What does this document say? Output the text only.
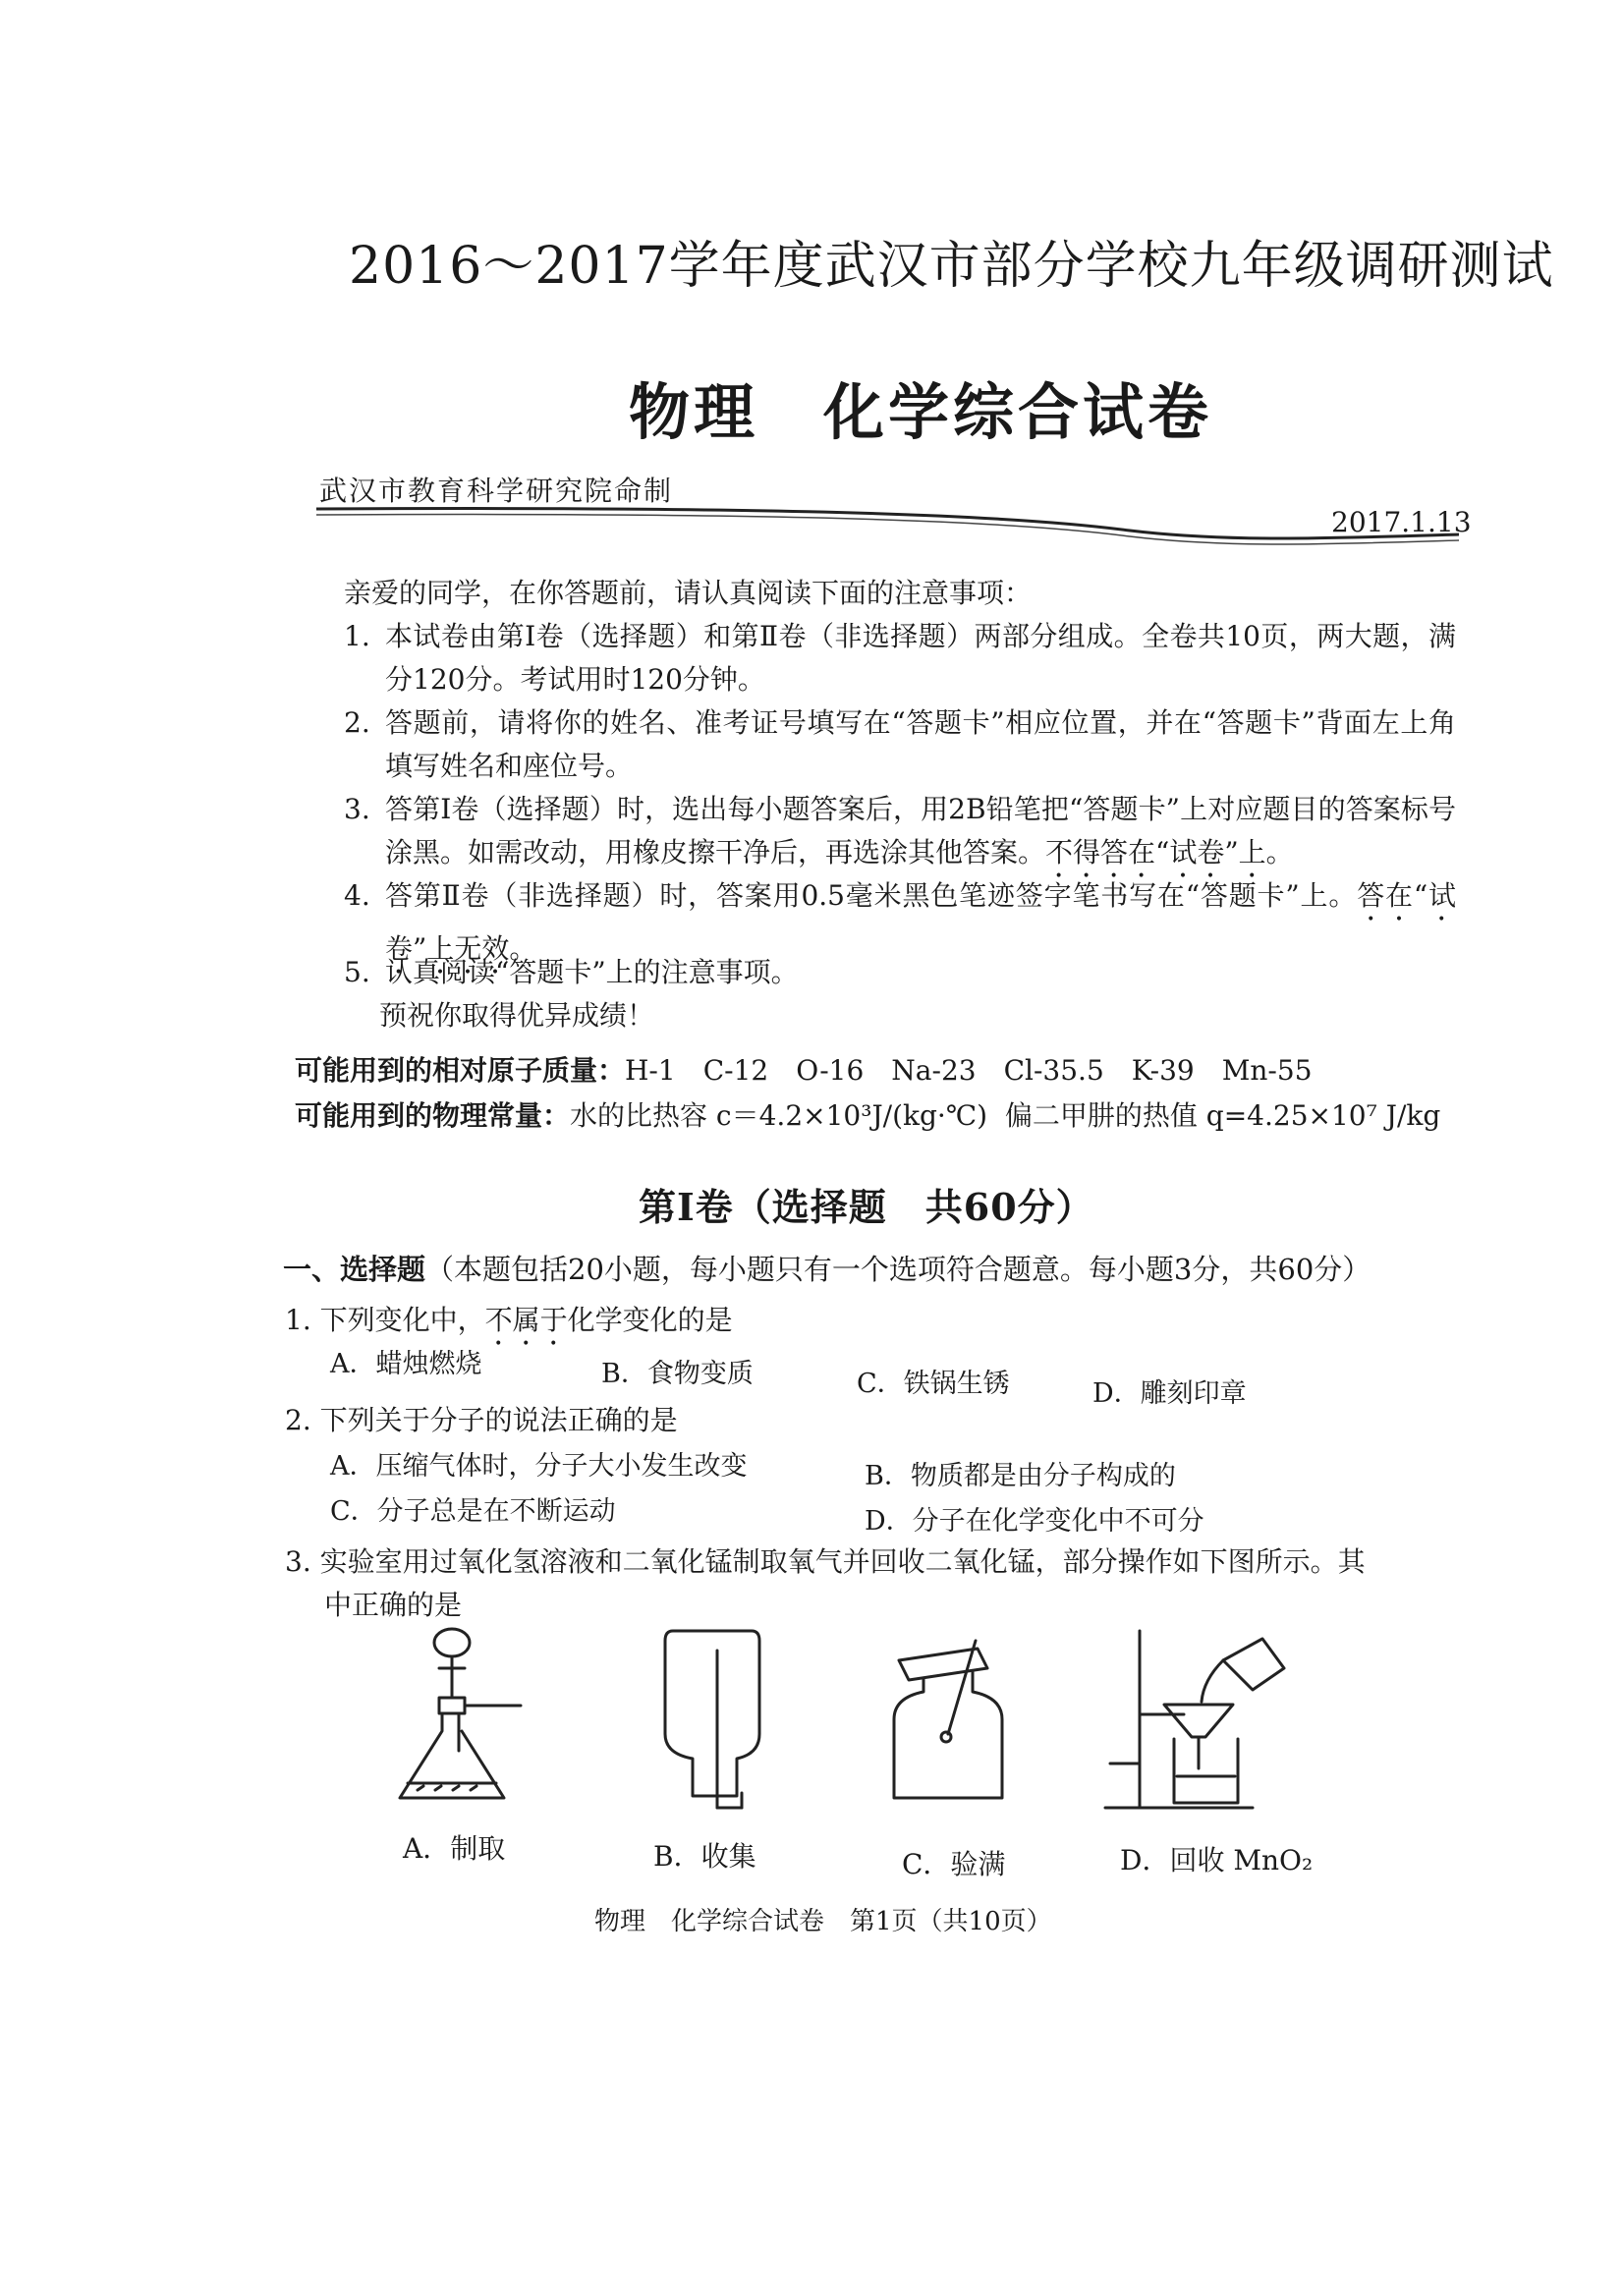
2016～2017学年度武汉市部分学校九年级调研测试
物理　化学综合试卷
武汉市教育科学研究院命制
2017.1.13
亲爱的同学，在你答题前，请认真阅读下面的注意事项：
1. 本试卷由第Ⅰ卷（选择题）和第Ⅱ卷（非选择题）两部分组成。全卷共10页，两大题，满分120分。考试用时120分钟。
2. 答题前，请将你的姓名、准考证号填写在“答题卡”相应位置，并在“答题卡”背面左上角填写姓名和座位号。
3. 答第Ⅰ卷（选择题）时，选出每小题答案后，用2B铅笔把“答题卡”上对应题目的答案标号涂黑。如需改动，用橡皮擦干净后，再选涂其他答案。不得答在“试卷”上。
4. 答第Ⅱ卷（非选择题）时，答案用0.5毫米黑色笔迹签字笔书写在“答题卡”上。答在“试卷”上无效。
5. 认真阅读“答题卡”上的注意事项。
预祝你取得优异成绩！
可能用到的相对原子质量：H-1　C-12　O-16　Na-23　Cl-35.5　K-39　Mn-55
可能用到的物理常量：水的比热容 c＝4.2×10³J/(kg·℃) 偏二甲肼的热值 q=4.25×10⁷ J/kg
第Ⅰ卷（选择题　共60分）
一、选择题（本题包括20小题，每小题只有一个选项符合题意。每小题3分，共60分）
1. 下列变化中，不属于化学变化的是
A．蜡烛燃烧	B．食物变质	C．铁锅生锈	D．雕刻印章
2. 下列关于分子的说法正确的是
A．压缩气体时，分子大小发生改变	B．物质都是由分子构成的
C．分子总是在不断运动	D．分子在化学变化中不可分
3. 实验室用过氧化氢溶液和二氧化锰制取氧气并回收二氧化锰，部分操作如下图所示。其
中正确的是
A．制取	B．收集	C．验满	D．回收 MnO₂
物理　化学综合试卷　第1页（共10页）
